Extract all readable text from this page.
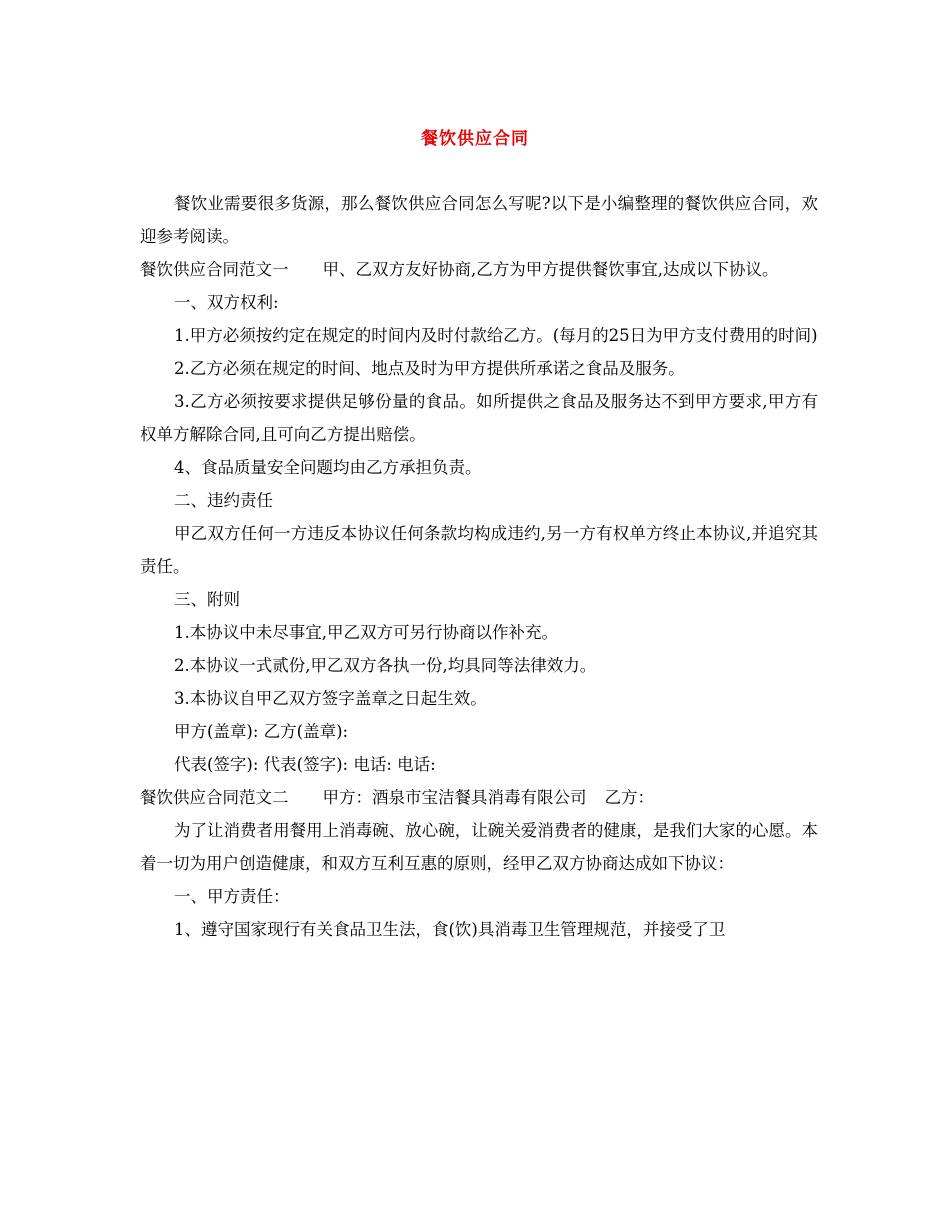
餐饮供应合同

餐饮业需要很多货源，那么餐饮供应合同怎么写呢?以下是小编整理的餐饮供应合同，欢迎参考阅读。

餐饮供应合同范文一 甲、乙双方友好协商,乙方为甲方提供餐饮事宜,达成以下协议。

一、双方权利:

1.甲方必须按约定在规定的时间内及时付款给乙方。(每月的25日为甲方支付费用的时间)

2.乙方必须在规定的时间、地点及时为甲方提供所承诺之食品及服务。

3.乙方必须按要求提供足够份量的食品。如所提供之食品及服务达不到甲方要求,甲方有权单方解除合同,且可向乙方提出赔偿。

4、食品质量安全问题均由乙方承担负责。

二、违约责任

甲乙双方任何一方违反本协议任何条款均构成违约,另一方有权单方终止本协议,并追究其责任。

三、附则

1.本协议中未尽事宜,甲乙双方可另行协商以作补充。

2.本协议一式贰份,甲乙双方各执一份,均具同等法律效力。

3.本协议自甲乙双方签字盖章之日起生效。

甲方(盖章): 乙方(盖章):

代表(签字): 代表(签字): 电话: 电话:

餐饮供应合同范文二 甲方：酒泉市宝洁餐具消毒有限公司 乙方：

为了让消费者用餐用上消毒碗、放心碗，让碗关爱消费者的健康，是我们大家的心愿。本着一切为用户创造健康，和双方互利互惠的原则，经甲乙双方协商达成如下协议：

一、甲方责任：

1、遵守国家现行有关食品卫生法，食(饮)具消毒卫生管理规范，并接受了卫
